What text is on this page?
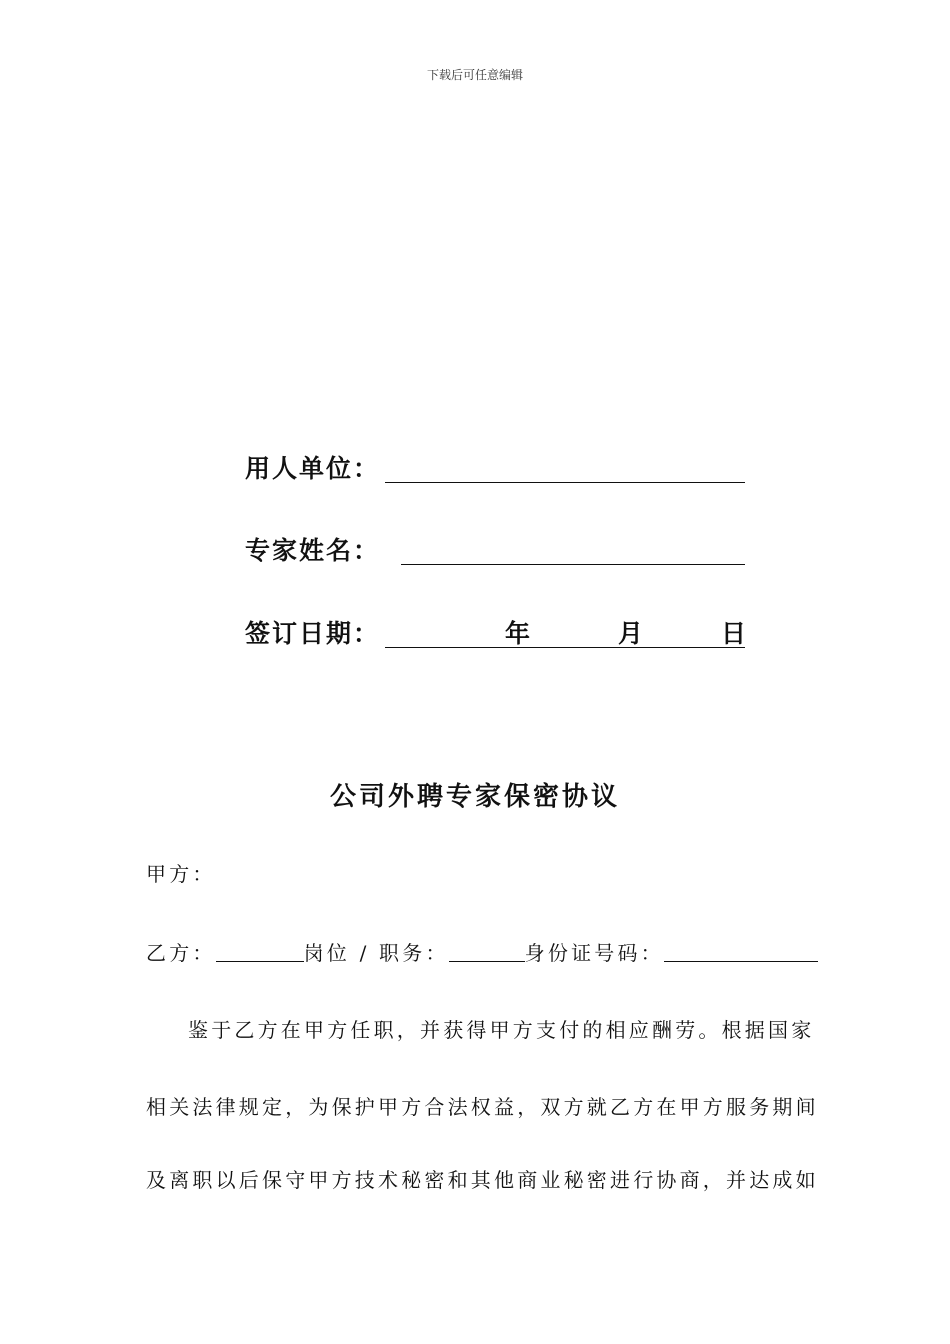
下载后可任意编辑
用人单位：
专家姓名：
签订日期：	年	月	日
公司外聘专家保密协议
甲方：
乙方：	岗位 / 职务：	身份证号码：
鉴于乙方在甲方任职，并获得甲方支付的相应酬劳。根据国家
相关法律规定，为保护甲方合法权益，双方就乙方在甲方服务期间
及离职以后保守甲方技术秘密和其他商业秘密进行协商，并达成如
